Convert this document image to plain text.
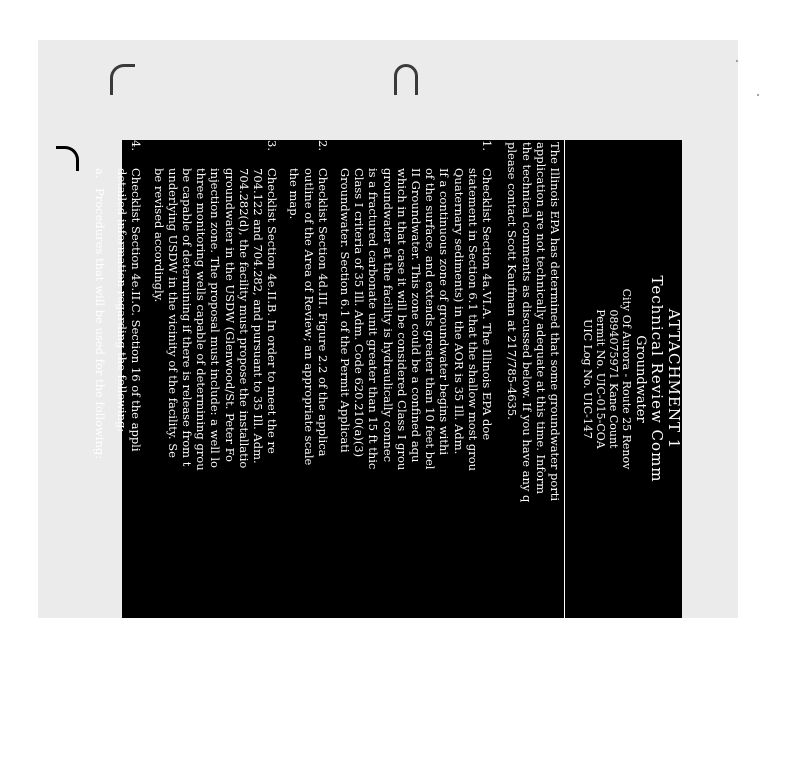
ATTACHMENT 1
Technical Review Comm
Groundwater
City Of Aurora - Route 25 Renov
0894075971 Kane Count
Permit No. UIC-015-COA
UIC Log No. UIC-147
The Illinois EPA has determined that some groundwater porti
application are not technically adequate at this time. Inform
the technical comments as discussed below. If you have any q
please contact Scott Kaufman at 217/785-4635.
1.
Checklist Section 4a.VI.A. The Illinois EPA doe
statement in Section 6.1 that the shallow most grou
Quaternary sediments) in the AOR is 35 Ill. Adm.
If a continuous zone of groundwater begins withi
of the surface, and extends greater than 10 feet bel
II Groundwater. This zone could be a confined aqu
which in that case it will be considered Class I grou
groundwater at the facility is hydraulically connec
is a fractured carbonate unit greater than 15 ft thic
Class I criteria of 35 Ill. Adm. Code 620.210(a)(3)
Groundwater. Section 6.1 of the Permit Applicati
2.
Checklist Section 4d.III. Figure 2.2 of the applica
outline of the Area of Review; an appropriate scale
the map.
3.
Checklist Section 4e.II.B. In order to meet the re
704.122 and 704.282, and pursuant to 35 Ill. Adm.
704.282(d), the facility must propose the installatio
groundwater in the USDW (Glenwood/St. Peter Fo
injection zone. The proposal must include: a well lo
three monitoring wells capable of determining grou
be capable of determining if there is release from t
underlying USDW in the vicinity of the facility. Se
be revised accordingly.
4.
Checklist Section 4e.II.C. Section 16 of the appli
detailed information regarding the following:
a.
Procedures that will be used for the following:
